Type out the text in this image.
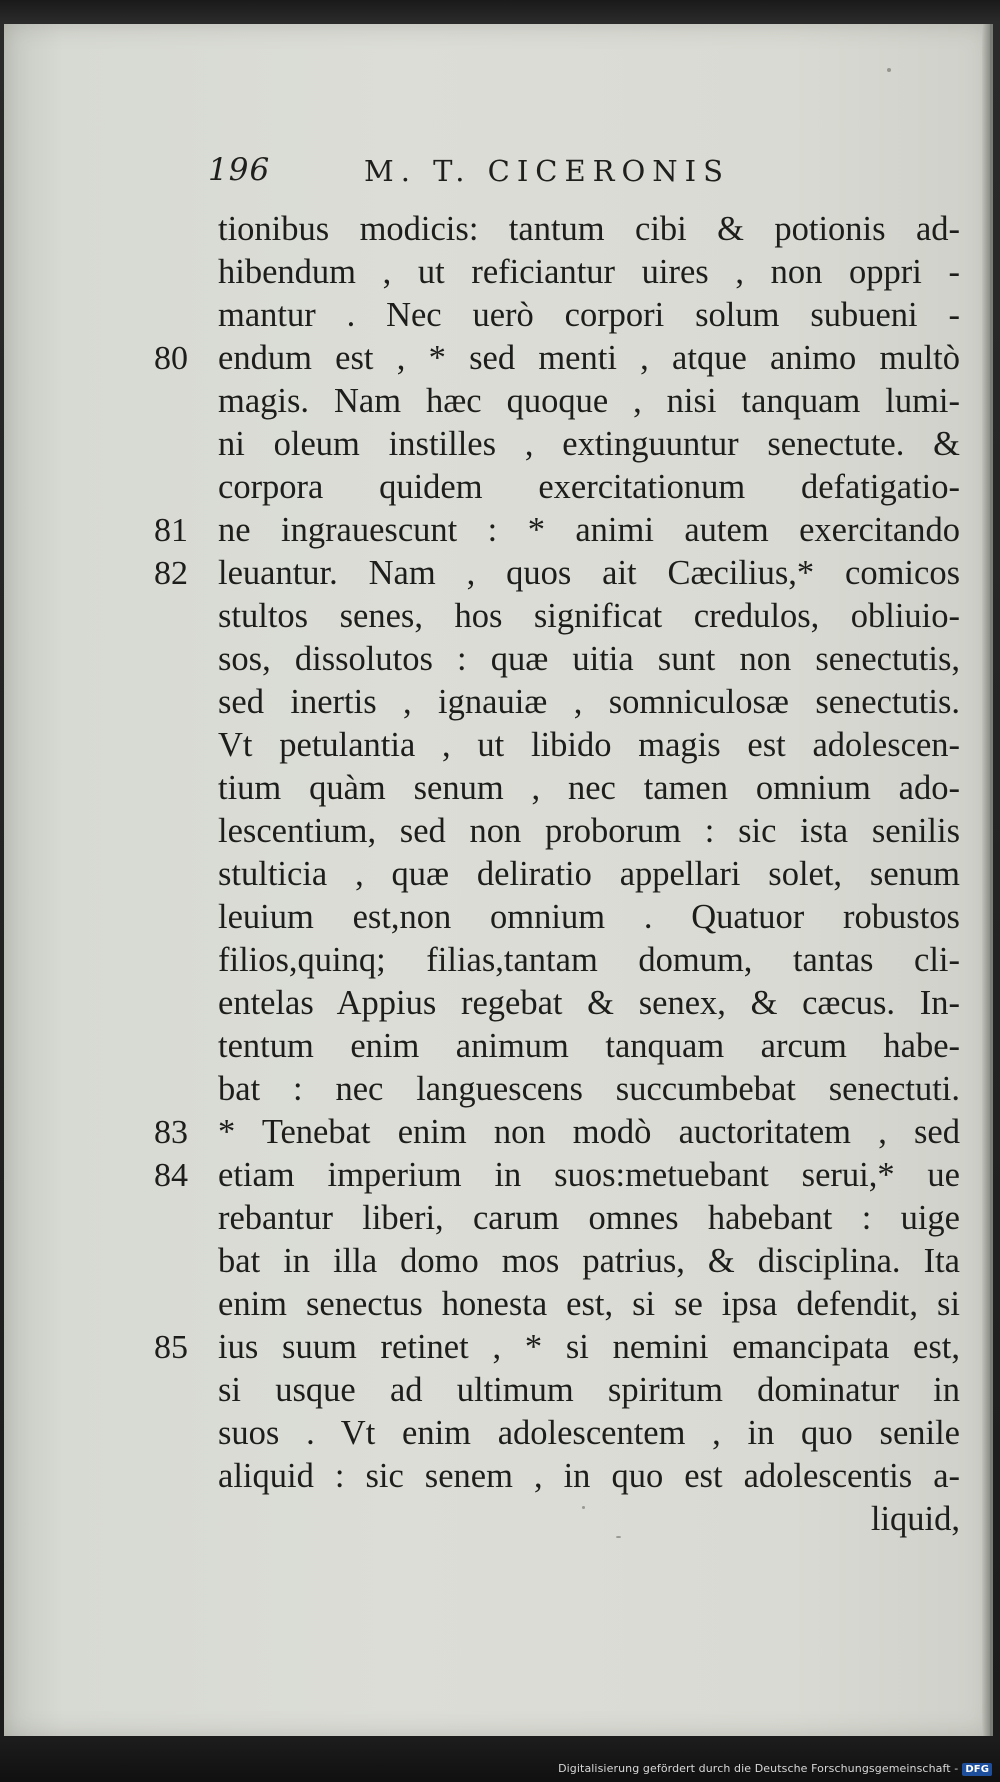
196	M. T. CICERONIS
tionibus modicis: tantum cibi & potionis ad-
hibendum , ut reficiantur uires , non oppri -
mantur . Nec uerò corpori solum subueni -
endum est , * sed menti , atque animo multò
80
magis. Nam hæc quoque , nisi tanquam lumi-
ni oleum instilles , extinguuntur senectute. &
corpora quidem exercitationum defatigatio-
ne ingrauescunt : * animi autem exercitando
81
leuantur. Nam , quos ait Cæcilius,* comicos
82
stultos senes, hos significat credulos, obliuio-
sos, dissolutos : quæ uitia sunt non senectutis,
sed inertis , ignauiæ , somniculosæ senectutis.
Vt petulantia , ut libido magis est adolescen-
tium quàm senum , nec tamen omnium ado-
lescentium, sed non proborum : sic ista senilis
stulticia , quæ deliratio appellari solet, senum
leuium est,non omnium . Quatuor robustos
filios,quinq; filias,tantam domum, tantas cli-
entelas Appius regebat & senex, & cæcus. In-
tentum enim animum tanquam arcum habe-
bat : nec languescens succumbebat senectuti.
* Tenebat enim non modò auctoritatem , sed
83
etiam imperium in suos:metuebant serui,* ue
84
rebantur liberi, carum omnes habebant : uige
bat in illa domo mos patrius, & disciplina. Ita
enim senectus honesta est, si se ipsa defendit, si
ius suum retinet , * si nemini emancipata est,
85
si usque ad ultimum spiritum dominatur in
suos . Vt enim adolescentem , in quo senile
aliquid : sic senem , in quo est adolescentis a-
liquid,
Digitalisierung gefördert durch die Deutsche Forschungsgemeinschaft - DFG
